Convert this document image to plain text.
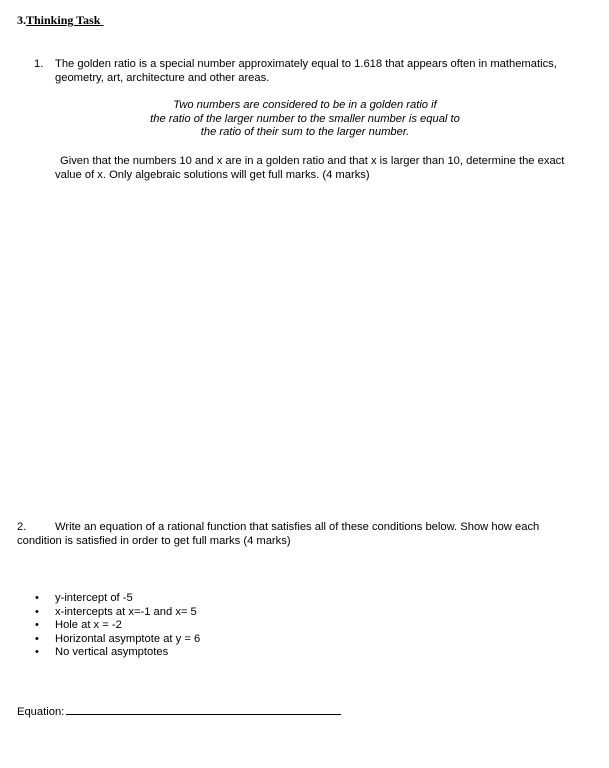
3.Thinking Task
1. The golden ratio is a special number approximately equal to 1.618 that appears often in mathematics,

geometry, art, architecture and other areas.

Two numbers are considered to be in a golden ratio if

the ratio of the larger number to the smaller number is equal to

the ratio of their sum to the larger number.

Given that the numbers 10 and x are in a golden ratio and that x is larger than 10, determine the exact

value of x. Only algebraic solutions will get full marks. (4 marks)

2.	Write an equation of a rational function that satisfies all of these conditions below. Show how each
condition is satisfied in order to get full marks (4 marks)
• y-intercept of -5
• x-intercepts at x=-1 and x= 5
• Hole at x = -2
• Horizontal asymptote at y = 6
• No vertical asymptotes
Equation:
